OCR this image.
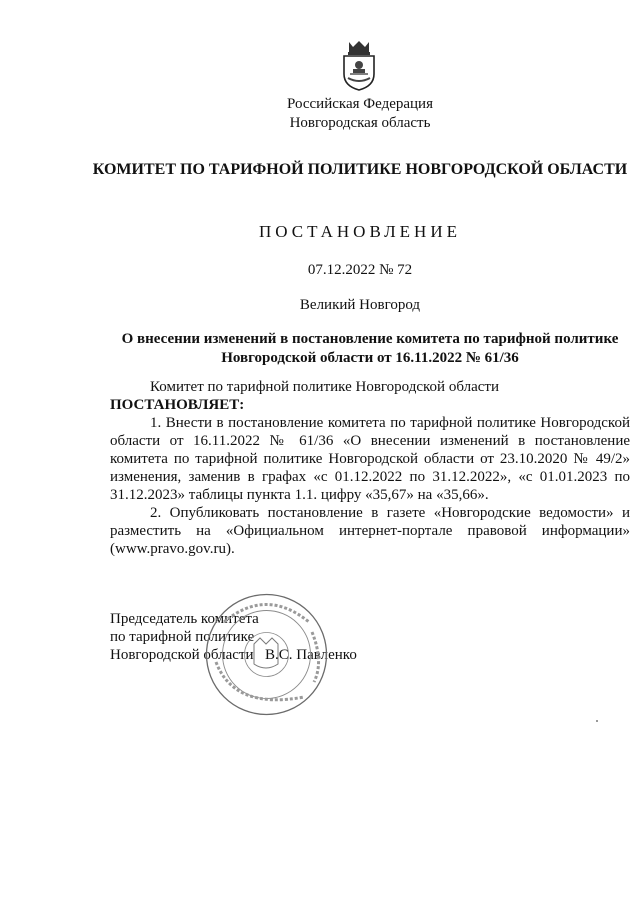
Российская Федерация
Новгородская область
КОМИТЕТ ПО ТАРИФНОЙ ПОЛИТИКЕ НОВГОРОДСКОЙ ОБЛАСТИ
ПОСТАНОВЛЕНИЕ
07.12.2022 № 72
Великий Новгород
О внесении изменений в постановление комитета по тарифной политике Новгородской области от 16.11.2022 № 61/36

Комитет по тарифной политике Новгородской области

ПОСТАНОВЛЯЕТ:

1. Внести в постановление комитета по тарифной политике Новгородской области от 16.11.2022 № 61/36 «О внесении изменений в постановление комитета по тарифной политике Новгородской области от 23.10.2020 № 49/2» изменения, заменив в графах «с 01.12.2022 по 31.12.2022», «с 01.01.2023 по 31.12.2023» таблицы пункта 1.1. цифру «35,67» на «35,66».

2. Опубликовать постановление в газете «Новгородские ведомости» и разместить на «Официальном интернет-портале правовой информации» (www.pravo.gov.ru).

Председатель комитета
по тарифной политике
Новгородской области В.С. Павленко
